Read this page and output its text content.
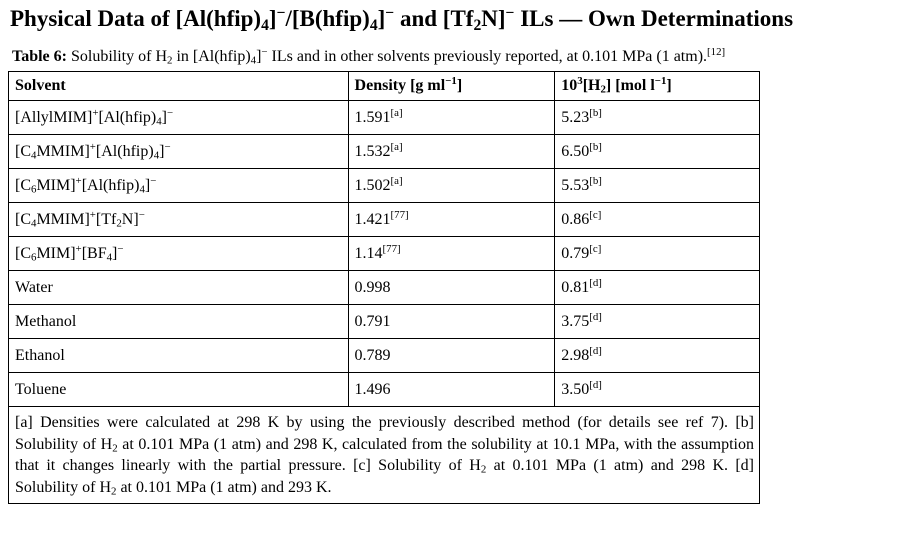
Physical Data of $[Al(hfip)_4]^-/[B(hfip)_4]^-$ and $[Tf_2N]^-$ ILs — Own Determinations
Table 6: Solubility of $H_2$ in $[Al(hfip)_4]^-$ ILs and in other solvents previously reported, at 0.101 MPa (1 atm).[12]
Solvent	Density [g $ml^{-1}$]	$10^3[H_2]$ [mol $l^{-1}$]
$[AllylMIM]^+[Al(hfip)_4]^-$	1.591[a]	5.23[b]
$[C_4MMIM]^+[Al(hfip)_4]^-$	1.532[a]	6.50[b]
$[C_6MIM]^+[Al(hfip)_4]^-$	1.502[a]	5.53[b]
$[C_4MMIM]^+[Tf_2N]^-$	1.421[77]	0.86[c]
$[C_6MIM]^+[BF_4]^-$	1.14[77]	0.79[c]
Water	0.998	0.81[d]
Methanol	0.791	3.75[d]
Ethanol	0.789	2.98[d]
Toluene	1.496	3.50[d]
[a] Densities were calculated at 298 K by using the previously described method (for details see ref 7). [b] Solubility of $H_2$ at 0.101 MPa (1 atm) and 298 K, calculated from the solubility at 10.1 MPa, with the assumption that it changes linearly with the partial pressure. [c] Solubility of $H_2$ at 0.101 MPa (1 atm) and 298 K. [d] Solubility of $H_2$ at 0.101 MPa (1 atm) and 293 K.		
